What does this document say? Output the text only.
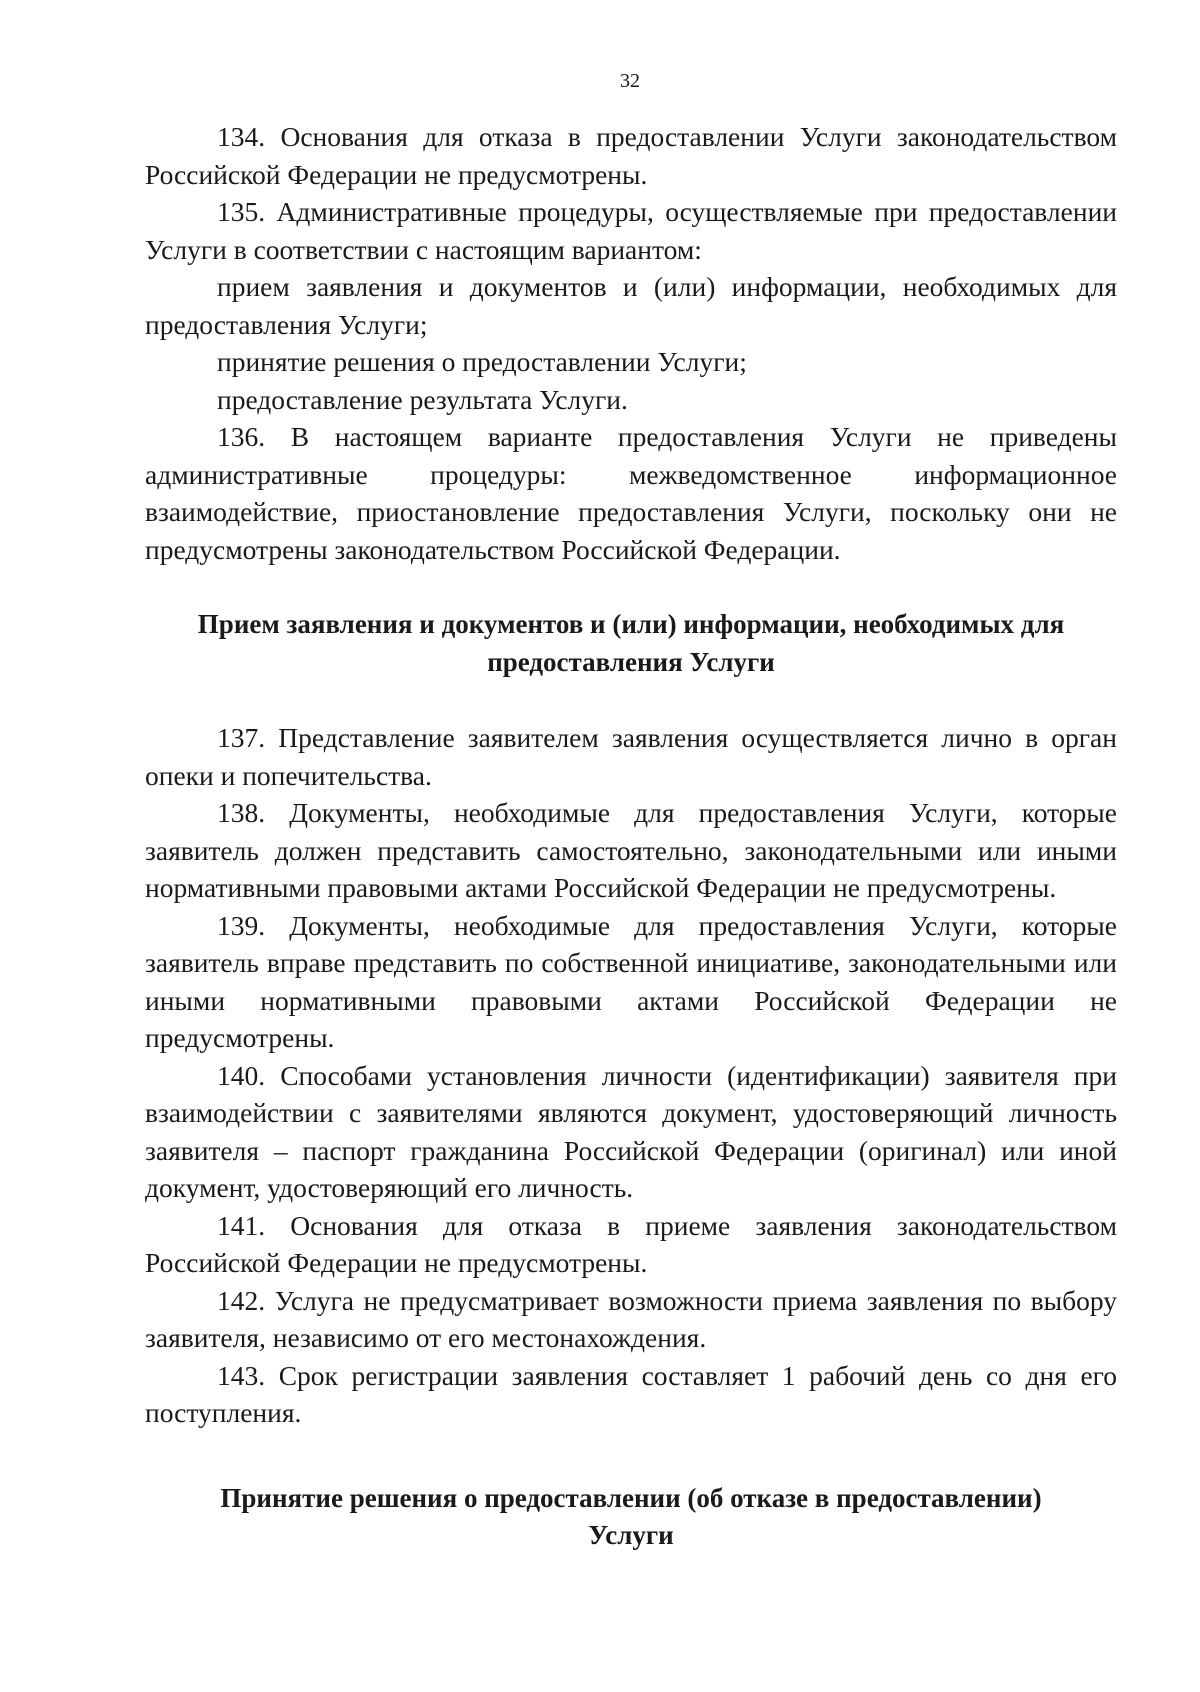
32

134. Основания для отказа в предоставлении Услуги законодательством Российской Федерации не предусмотрены.

135. Административные процедуры, осуществляемые при предоставлении Услуги в соответствии с настоящим вариантом:

прием заявления и документов и (или) информации, необходимых для предоставления Услуги;

принятие решения о предоставлении Услуги;

предоставление результата Услуги.

136. В настоящем варианте предоставления Услуги не приведены административные процедуры: межведомственное информационное взаимодействие, приостановление предоставления Услуги, поскольку они не предусмотрены законодательством Российской Федерации.

Прием заявления и документов и (или) информации, необходимых для предоставления Услуги

137. Представление заявителем заявления осуществляется лично в орган опеки и попечительства.

138. Документы, необходимые для предоставления Услуги, которые заявитель должен представить самостоятельно, законодательными или иными нормативными правовыми актами Российской Федерации не предусмотрены.

139. Документы, необходимые для предоставления Услуги, которые заявитель вправе представить по собственной инициативе, законодательными или иными нормативными правовыми актами Российской Федерации не предусмотрены.

140. Способами установления личности (идентификации) заявителя при взаимодействии с заявителями являются документ, удостоверяющий личность заявителя – паспорт гражданина Российской Федерации (оригинал) или иной документ, удостоверяющий его личность.

141. Основания для отказа в приеме заявления законодательством Российской Федерации не предусмотрены.

142. Услуга не предусматривает возможности приема заявления по выбору заявителя, независимо от его местонахождения.

143. Срок регистрации заявления составляет 1 рабочий день со дня его поступления.

Принятие решения о предоставлении (об отказе в предоставлении) Услуги
